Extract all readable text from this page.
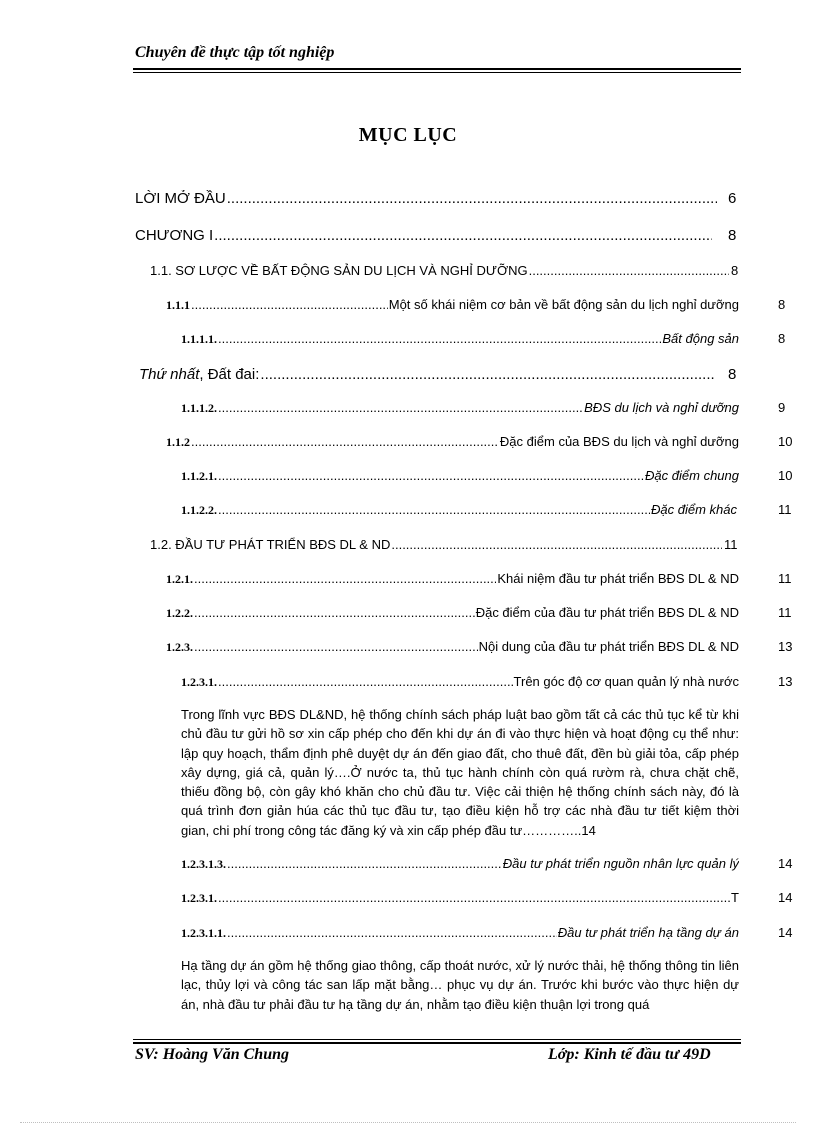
Chuyên đề thực tập tốt nghiệp
MỤC LỤC
LỜI MỞ ĐẦU .....	6
CHƯƠNG I .....	8
1.1. SƠ LƯỢC VỀ BẤT ĐỘNG SẢN DU LỊCH VÀ NGHỈ DƯỠNG .....	8
1.1.1 .....	Một số khái niệm cơ bản về bất động sản du lịch nghỉ dưỡng	8
1.1.1.1. .....	Bất động sản	8
Thứ nhất, Đất đai: .....	8
1.1.1.2. .....	BĐS du lịch và nghỉ dưỡng	9
1.1.2 .....	Đặc điểm của BĐS du lịch và nghỉ dưỡng	10
1.1.2.1. .....	Đặc điểm chung	10
1.1.2.2. .....	Đặc điểm khác	11
1.2. ĐẦU TƯ PHÁT TRIỂN BĐS DL & ND .....	11
1.2.1. .....	Khái niệm đầu tư phát triển BĐS DL & ND	11
1.2.2. .....	Đặc điểm của đầu tư phát triển BĐS DL & ND	11
1.2.3. .....	Nội dung của đầu tư phát triển BĐS DL & ND	13
1.2.3.1. .....	Trên góc độ cơ quan quản lý nhà nước	13
Trong lĩnh vực BĐS DL&ND, hệ thống chính sách pháp luật bao gồm tất cả các thủ tục kể từ khi chủ đầu tư gửi hồ sơ xin cấp phép cho đến khi dự án đi vào thực hiện và hoạt động cụ thể như: lập quy hoạch, thẩm định phê duyệt dự án đến giao đất, cho thuê đất, đền bù giải tỏa, cấp phép xây dựng, giá cả, quản lý….Ở nước ta, thủ tục hành chính còn quá rườm rà, chưa chặt chẽ, thiếu đồng bộ, còn gây khó khăn cho chủ đầu tư. Việc cải thiện hệ thống chính sách này, đó là quá trình đơn giản húa các thủ tục đầu tư, tạo điều kiện hỗ trợ các nhà đầu tư tiết kiệm thời gian, chi phí trong công tác đăng ký và xin cấp phép đầu tư…………..14
1.2.3.1.3. .....	Đầu tư phát triển nguồn nhân lực quản lý	14
1.2.3.1. .....	T	14
1.2.3.1.1. .....	Đầu tư phát triển hạ tầng dự án	14
Hạ tầng dự án gồm hệ thống giao thông, cấp thoát nước, xử lý nước thải, hệ thống thông tin liên lạc, thủy lợi và công tác san lấp mặt bằng… phục vụ dự án. Trước khi bước vào thực hiện dự án, nhà đầu tư phải đầu tư hạ tầng dự án, nhằm tạo điều kiện thuận lợi trong quá
SV: Hoàng Văn Chung	Lớp: Kinh tế đầu tư 49D
